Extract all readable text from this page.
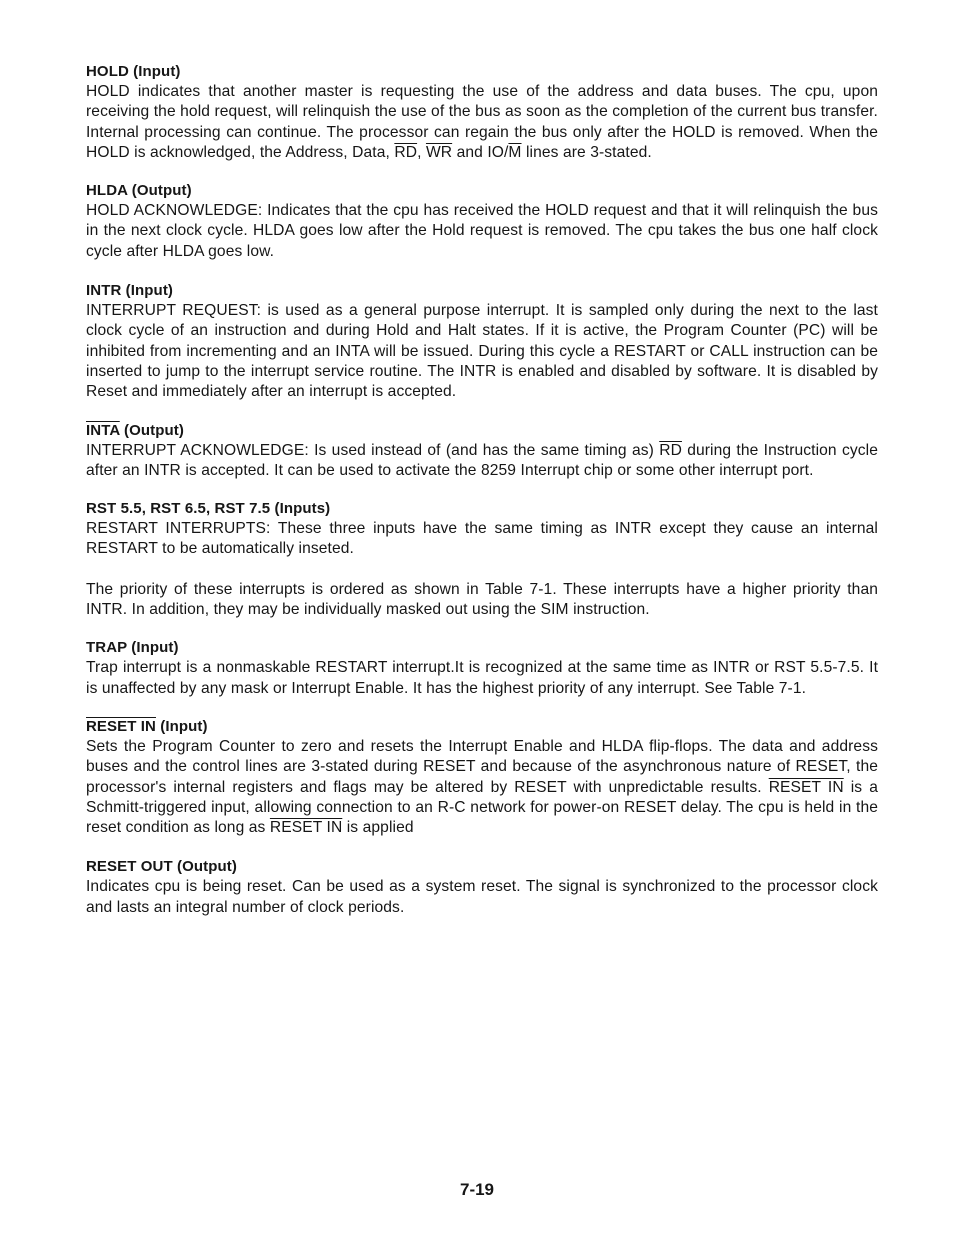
HOLD (Input)

HOLD indicates that another master is requesting the use of the address and data buses. The cpu, upon receiving the hold request, will relinquish the use of the bus as soon as the completion of the current bus transfer. Internal processing can continue. The processor can regain the bus only after the HOLD is removed. When the HOLD is acknowledged, the Address, Data, $\overline{RD}$, $\overline{WR}$ and $IO/\overline{M}$ lines are 3-stated.

HLDA (Output)

HOLD ACKNOWLEDGE: Indicates that the cpu has received the HOLD request and that it will relinquish the bus in the next clock cycle. HLDA goes low after the Hold request is removed. The cpu takes the bus one half clock cycle after HLDA goes low.

INTR (Input)

INTERRUPT REQUEST: is used as a general purpose interrupt. It is sampled only during the next to the last clock cycle of an instruction and during Hold and Halt states. If it is active, the Program Counter (PC) will be inhibited from incrementing and an INTA will be issued. During this cycle a RESTART or CALL instruction can be inserted to jump to the interrupt service routine. The INTR is enabled and disabled by software. It is disabled by Reset and immediately after an interrupt is accepted.

INTA (Output)

INTERRUPT ACKNOWLEDGE: Is used instead of (and has the same timing as) $\overline{RD}$ during the Instruction cycle after an INTR is accepted. It can be used to activate the 8259 Interrupt chip or some other interrupt port.

RST 5.5, RST 6.5, RST 7.5 (Inputs)

RESTART INTERRUPTS: These three inputs have the same timing as INTR except they cause an internal RESTART to be automatically inseted.

The priority of these interrupts is ordered as shown in Table 7-1. These interrupts have a higher priority than INTR. In addition, they may be individually masked out using the SIM instruction.

TRAP (Input)

Trap interrupt is a nonmaskable RESTART interrupt.It is recognized at the same time as INTR or RST 5.5-7.5. It is unaffected by any mask or Interrupt Enable. It has the highest priority of any interrupt. See Table 7-1.

RESET IN (Input)

Sets the Program Counter to zero and resets the Interrupt Enable and HLDA flip-flops. The data and address buses and the control lines are 3-stated during RESET and because of the asynchronous nature of RESET, the processor's internal registers and flags may be altered by RESET with unpredictable results. RESET IN is a Schmitt-triggered input, allowing connection to an R-C network for power-on RESET delay. The cpu is held in the reset condition as long as RESET IN is applied

RESET OUT (Output)

Indicates cpu is being reset. Can be used as a system reset. The signal is synchronized to the processor clock and lasts an integral number of clock periods.

7-19
